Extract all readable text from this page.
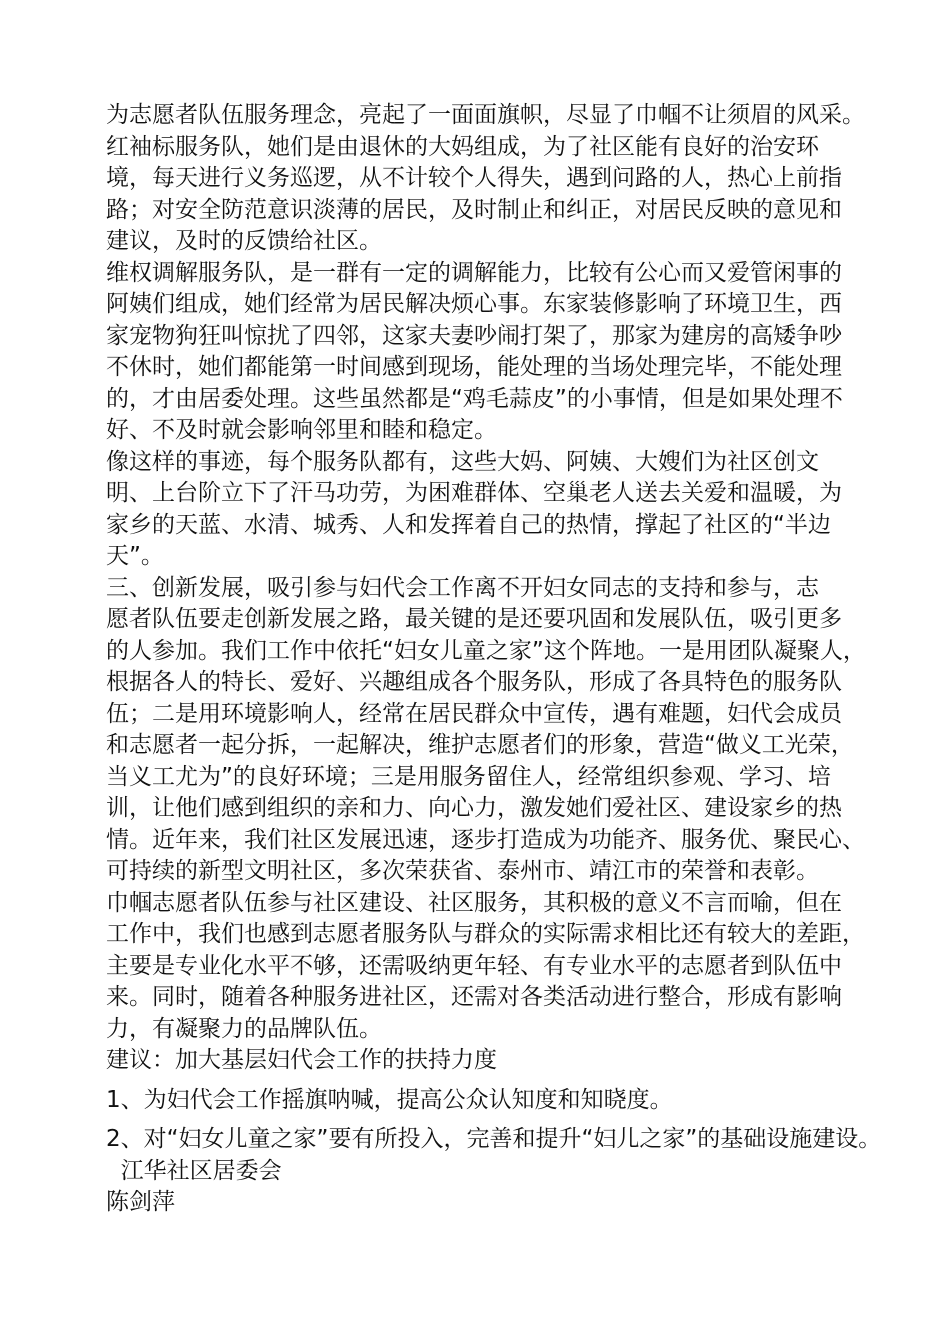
为志愿者队伍服务理念，亮起了一面面旗帜，尽显了巾帼不让须眉的风采。
红袖标服务队，她们是由退休的大妈组成，为了社区能有良好的治安环
境，每天进行义务巡逻，从不计较个人得失，遇到问路的人，热心上前指
路；对安全防范意识淡薄的居民，及时制止和纠正，对居民反映的意见和
建议，及时的反馈给社区。
维权调解服务队，是一群有一定的调解能力，比较有公心而又爱管闲事的
阿姨们组成，她们经常为居民解决烦心事。东家装修影响了环境卫生，西
家宠物狗狂叫惊扰了四邻，这家夫妻吵闹打架了，那家为建房的高矮争吵
不休时，她们都能第一时间感到现场，能处理的当场处理完毕，不能处理
的，才由居委处理。这些虽然都是“鸡毛蒜皮”的小事情，但是如果处理不
好、不及时就会影响邻里和睦和稳定。
像这样的事迹，每个服务队都有，这些大妈、阿姨、大嫂们为社区创文
明、上台阶立下了汗马功劳，为困难群体、空巢老人送去关爱和温暖，为
家乡的天蓝、水清、城秀、人和发挥着自己的热情，撑起了社区的“半边
天”。
三、创新发展，吸引参与妇代会工作离不开妇女同志的支持和参与，志
愿者队伍要走创新发展之路，最关键的是还要巩固和发展队伍，吸引更多
的人参加。我们工作中依托“妇女儿童之家”这个阵地。一是用团队凝聚人，
根据各人的特长、爱好、兴趣组成各个服务队，形成了各具特色的服务队
伍；二是用环境影响人，经常在居民群众中宣传，遇有难题，妇代会成员
和志愿者一起分拆，一起解决，维护志愿者们的形象，营造“做义工光荣，
当义工尤为”的良好环境；三是用服务留住人，经常组织参观、学习、培
训，让他们感到组织的亲和力、向心力，激发她们爱社区、建设家乡的热
情。近年来，我们社区发展迅速，逐步打造成为功能齐、服务优、聚民心、
可持续的新型文明社区，多次荣获省、泰州市、靖江市的荣誉和表彰。
巾帼志愿者队伍参与社区建设、社区服务，其积极的意义不言而喻，但在
工作中，我们也感到志愿者服务队与群众的实际需求相比还有较大的差距，
主要是专业化水平不够，还需吸纳更年轻、有专业水平的志愿者到队伍中
来。同时，随着各种服务进社区，还需对各类活动进行整合，形成有影响
力，有凝聚力的品牌队伍。
建议：加大基层妇代会工作的扶持力度
1、为妇代会工作摇旗呐喊，提高公众认知度和知晓度。
2、对“妇女儿童之家”要有所投入，完善和提升“妇儿之家”的基础设施建设。
江华社区居委会
陈剑萍
